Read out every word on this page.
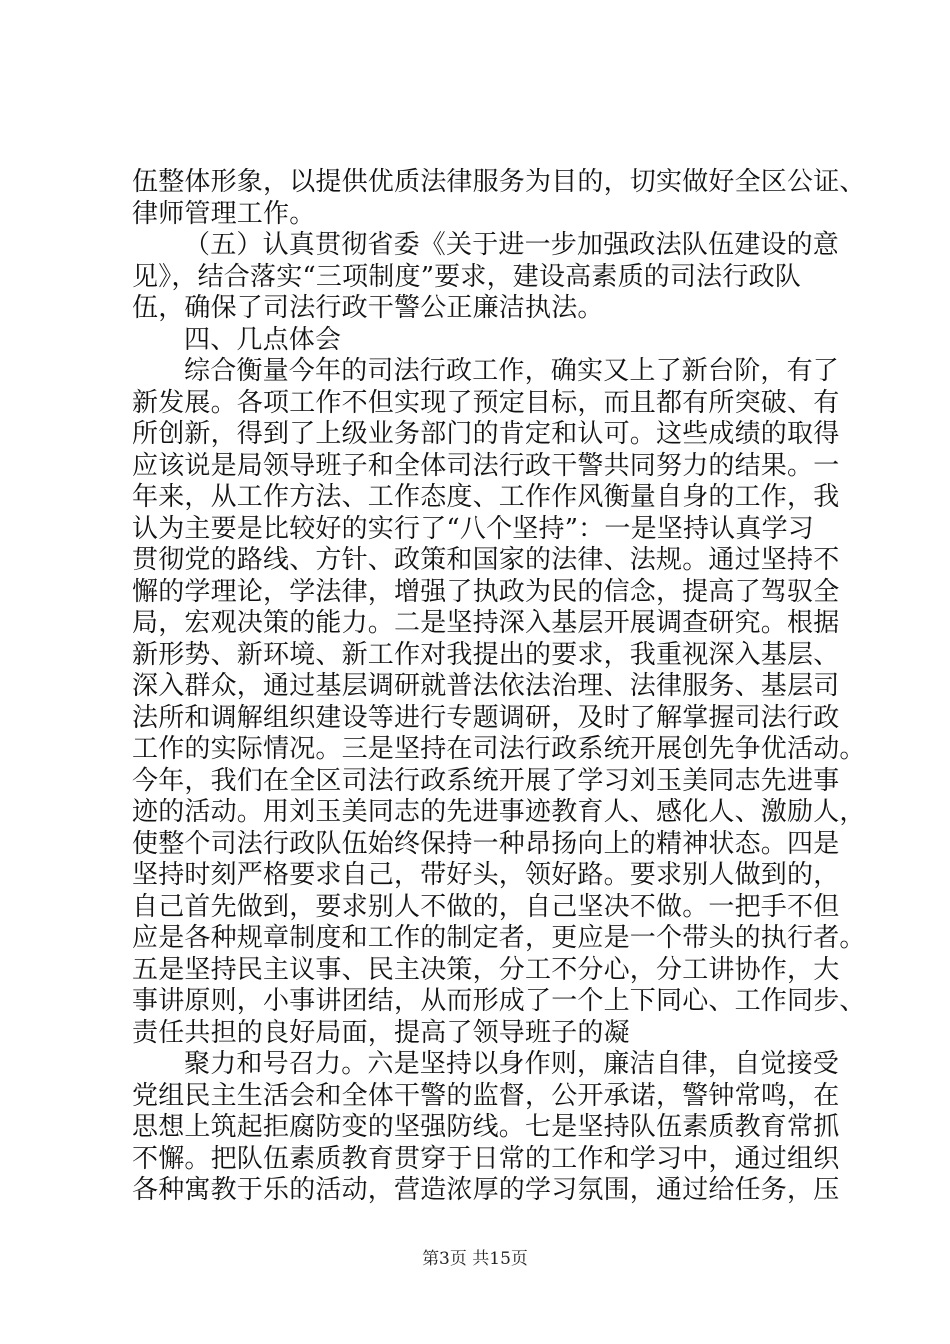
伍整体形象，以提供优质法律服务为目的，切实做好全区公证、
律师管理工作。
（五）认真贯彻省委《关于进一步加强政法队伍建设的意
见》，结合落实“三项制度”要求，建设高素质的司法行政队
伍，确保了司法行政干警公正廉洁执法。
四、几点体会
综合衡量今年的司法行政工作，确实又上了新台阶，有了
新发展。各项工作不但实现了预定目标，而且都有所突破、有
所创新，得到了上级业务部门的肯定和认可。这些成绩的取得
应该说是局领导班子和全体司法行政干警共同努力的结果。一
年来，从工作方法、工作态度、工作作风衡量自身的工作，我
认为主要是比较好的实行了“八个坚持”：一是坚持认真学习
贯彻党的路线、方针、政策和国家的法律、法规。通过坚持不
懈的学理论，学法律，增强了执政为民的信念，提高了驾驭全
局，宏观决策的能力。二是坚持深入基层开展调查研究。根据
新形势、新环境、新工作对我提出的要求，我重视深入基层、
深入群众，通过基层调研就普法依法治理、法律服务、基层司
法所和调解组织建设等进行专题调研，及时了解掌握司法行政
工作的实际情况。三是坚持在司法行政系统开展创先争优活动。
今年，我们在全区司法行政系统开展了学习刘玉美同志先进事
迹的活动。用刘玉美同志的先进事迹教育人、感化人、激励人，
使整个司法行政队伍始终保持一种昂扬向上的精神状态。四是
坚持时刻严格要求自己，带好头，领好路。要求别人做到的，
自己首先做到，要求别人不做的，自己坚决不做。一把手不但
应是各种规章制度和工作的制定者，更应是一个带头的执行者。
五是坚持民主议事、民主决策，分工不分心，分工讲协作，大
事讲原则，小事讲团结，从而形成了一个上下同心、工作同步、
责任共担的良好局面，提高了领导班子的凝
聚力和号召力。六是坚持以身作则，廉洁自律，自觉接受
党组民主生活会和全体干警的监督，公开承诺，警钟常鸣，在
思想上筑起拒腐防变的坚强防线。七是坚持队伍素质教育常抓
不懈。把队伍素质教育贯穿于日常的工作和学习中，通过组织
各种寓教于乐的活动，营造浓厚的学习氛围，通过给任务，压
第3页 共15页
